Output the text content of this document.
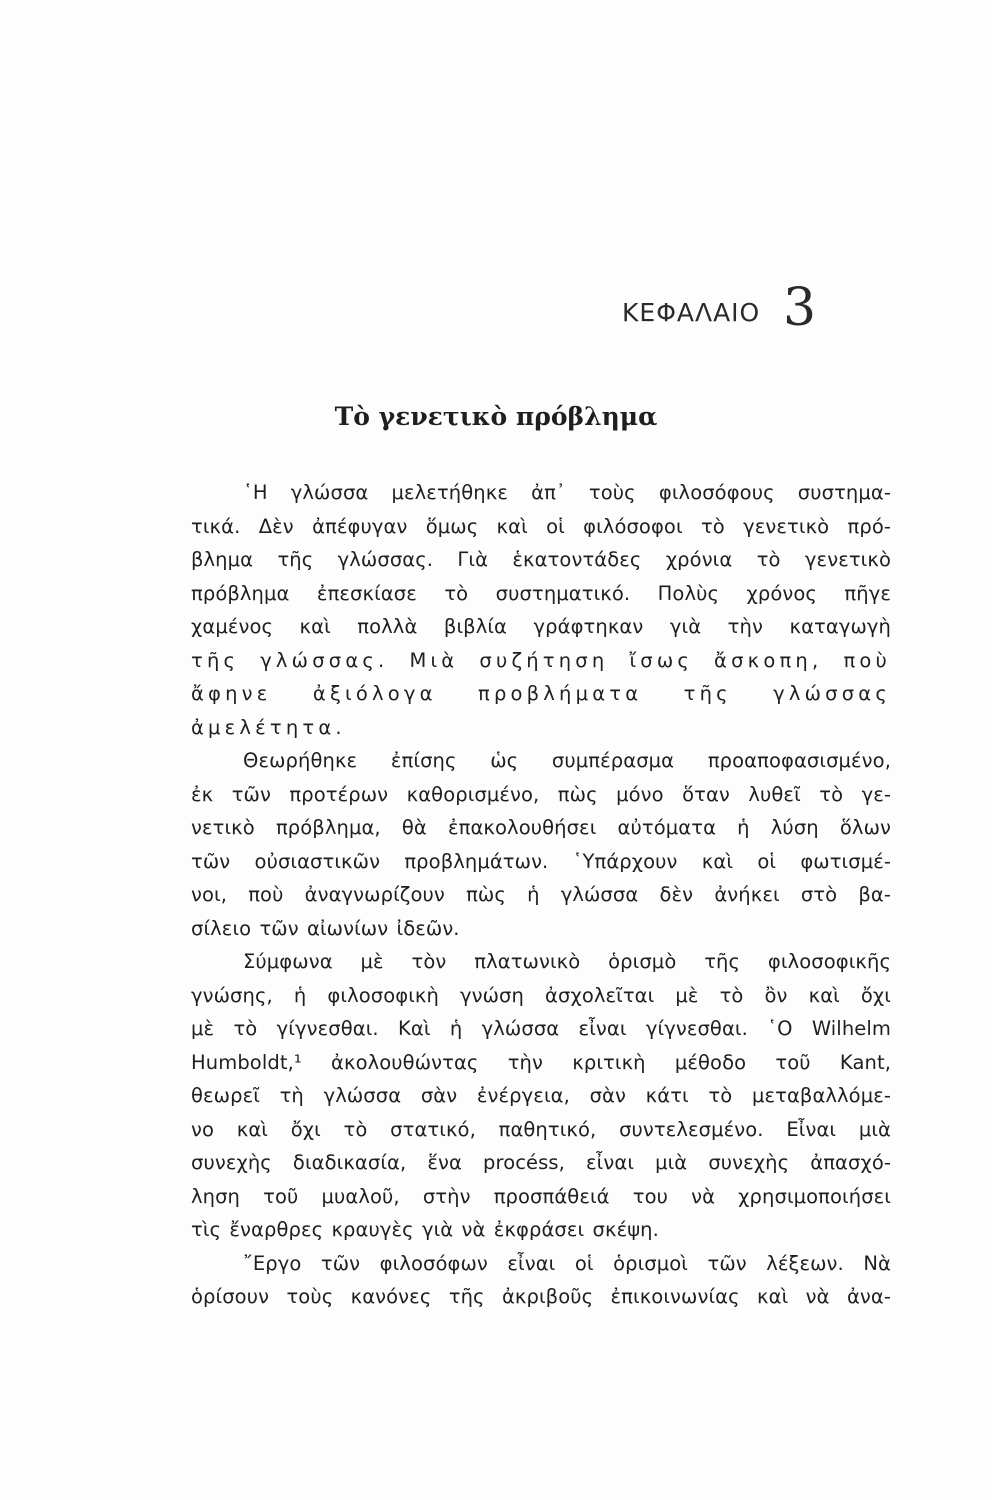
ΚΕΦΑΛΑΙΟ 3
Τὸ γενετικὸ πρόβλημα
῾Η γλώσσα μελετήθηκε ἀπ᾽ τοὺς φιλοσόφους συστημα-
τικά. Δὲν ἀπέφυγαν ὅμως καὶ οἱ φιλόσοφοι τὸ γενετικὸ πρό-
βλημα τῆς γλώσσας. Γιὰ ἑκατοντάδες χρόνια τὸ γενετικὸ
πρόβλημα ἐπεσκίασε τὸ συστηματικό. Πολὺς χρόνος πῆγε
χαμένος καὶ πολλὰ βιβλία γράφτηκαν γιὰ τὴν καταγωγὴ
τῆς γλώσσας. Μιὰ συζήτηση ἴσως ἄσκοπη, ποὺ
ἄφηνε ἀξιόλογα προβλήματα τῆς γλώσσας
ἀμελέτητα.
Θεωρήθηκε ἐπίσης ὡς συμπέρασμα προαποφασισμένο,
ἐκ τῶν προτέρων καθορισμένο, πὼς μόνο ὅταν λυθεῖ τὸ γε-
νετικὸ πρόβλημα, θὰ ἐπακολουθήσει αὐτόματα ἡ λύση ὅλων
τῶν οὐσιαστικῶν προβλημάτων. ῾Υπάρχουν καὶ οἱ φωτισμέ-
νοι, ποὺ ἀναγνωρίζουν πὼς ἡ γλώσσα δὲν ἀνήκει στὸ βα-
σίλειο τῶν αἰωνίων ἰδεῶν.
Σύμφωνα μὲ τὸν πλατωνικὸ ὁρισμὸ τῆς φιλοσοφικῆς
γνώσης, ἡ φιλοσοφικὴ γνώση ἀσχολεῖται μὲ τὸ ὂν καὶ ὄχι
μὲ τὸ γίγνεσθαι. Καὶ ἡ γλώσσα εἶναι γίγνεσθαι. ῾Ο Wilhelm
Humboldt,¹ ἀκολουθώντας τὴν κριτικὴ μέθοδο τοῦ Kant,
θεωρεῖ τὴ γλώσσα σὰν ἐνέργεια, σὰν κάτι τὸ μεταβαλλόμε-
νο καὶ ὄχι τὸ στατικό, παθητικό, συντελεσμένο. Εἶναι μιὰ
συνεχὴς διαδικασία, ἕνα procéss, εἶναι μιὰ συνεχὴς ἀπασχό-
ληση τοῦ μυαλοῦ, στὴν προσπάθειά του νὰ χρησιμοποιήσει
τὶς ἔναρθρες κραυγὲς γιὰ νὰ ἐκφράσει σκέψη.
῎Εργο τῶν φιλοσόφων εἶναι οἱ ὁρισμοὶ τῶν λέξεων. Νὰ
ὁρίσουν τοὺς κανόνες τῆς ἀκριβοῦς ἐπικοινωνίας καὶ νὰ ἀνα-
